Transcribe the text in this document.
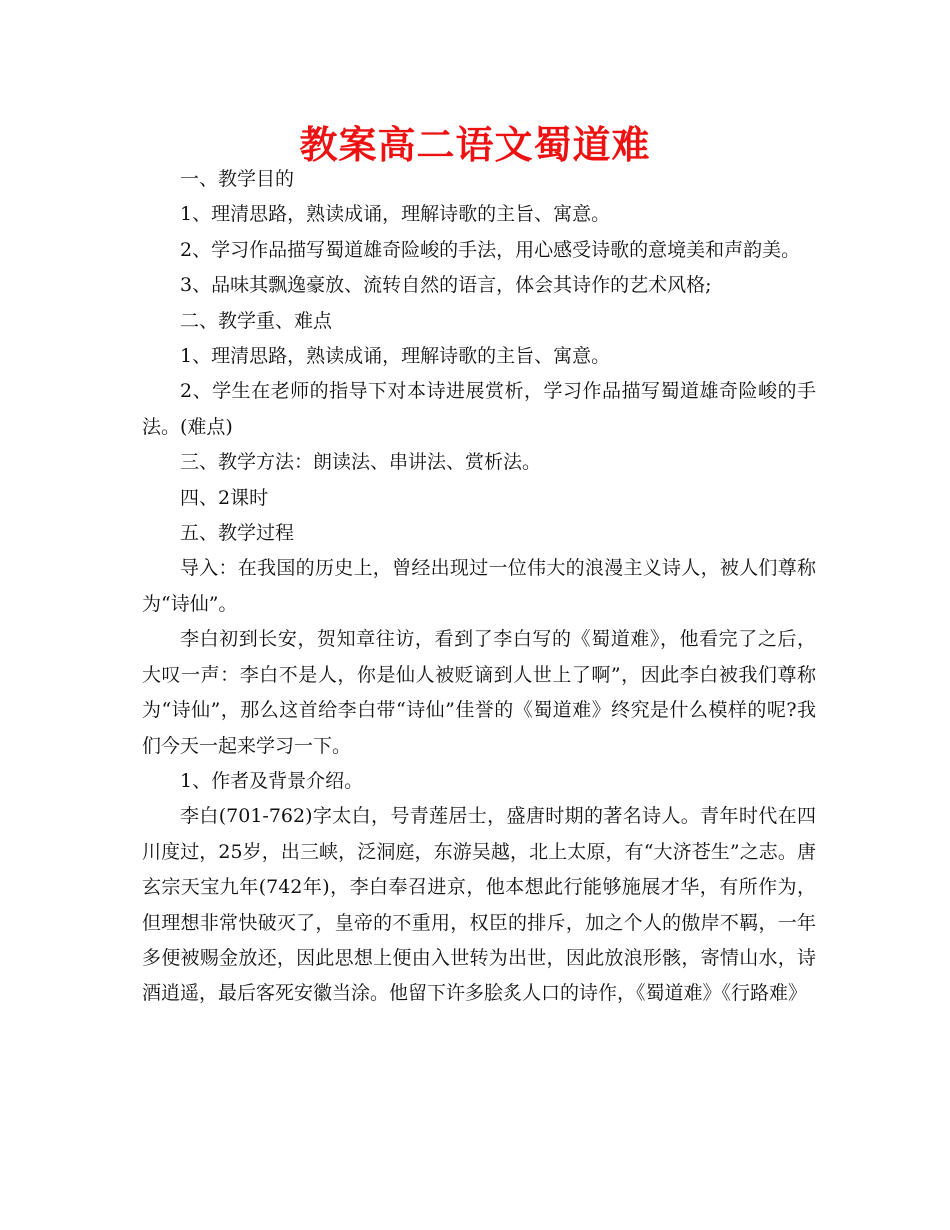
教案高二语文蜀道难

一、教学目的

1、理清思路，熟读成诵，理解诗歌的主旨、寓意。

2、学习作品描写蜀道雄奇险峻的手法，用心感受诗歌的意境美和声韵美。

3、品味其飘逸豪放、流转自然的语言，体会其诗作的艺术风格;

二、教学重、难点

1、理清思路，熟读成诵，理解诗歌的主旨、寓意。

2、学生在老师的指导下对本诗进展赏析，学习作品描写蜀道雄奇险峻的手法。(难点)

三、教学方法：朗读法、串讲法、赏析法。

四、2课时

五、教学过程

导入：在我国的历史上，曾经出现过一位伟大的浪漫主义诗人，被人们尊称为“诗仙”。

李白初到长安，贺知章往访，看到了李白写的《蜀道难》，他看完了之后，大叹一声：李白不是人，你是仙人被贬谪到人世上了啊”，因此李白被我们尊称为“诗仙”，那么这首给李白带“诗仙”佳誉的《蜀道难》终究是什么模样的呢?我们今天一起来学习一下。

1、作者及背景介绍。

李白(701-762)字太白，号青莲居士，盛唐时期的著名诗人。青年时代在四川度过，25岁，出三峡，泛洞庭，东游吴越，北上太原，有“大济苍生”之志。唐玄宗天宝九年(742年)，李白奉召进京，他本想此行能够施展才华，有所作为，但理想非常快破灭了，皇帝的不重用，权臣的排斥，加之个人的傲岸不羁，一年多便被赐金放还，因此思想上便由入世转为出世，因此放浪形骸，寄情山水，诗酒逍遥，最后客死安徽当涂。他留下许多脍炙人口的诗作，《蜀道难》《行路难》
